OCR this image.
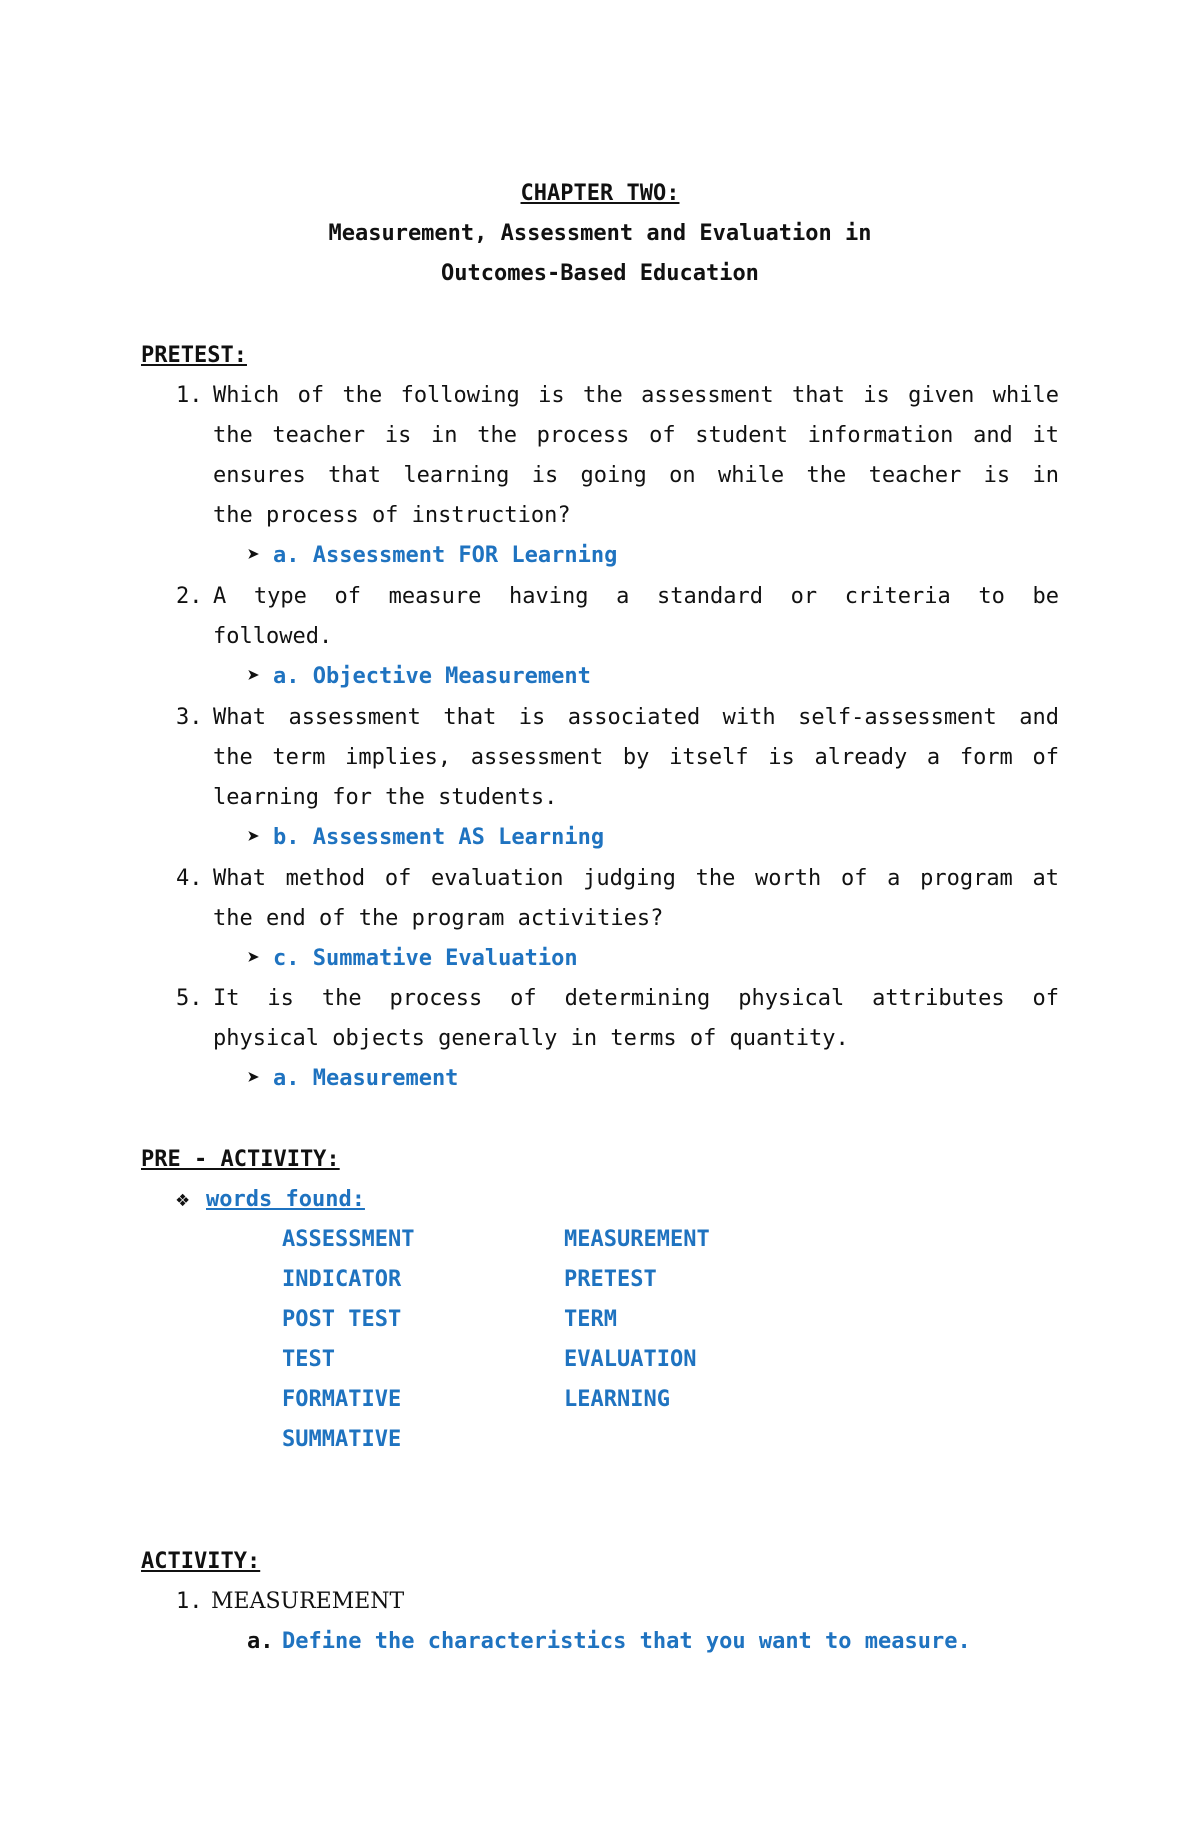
CHAPTER TWO:
Measurement, Assessment and Evaluation in
Outcomes-Based Education
PRETEST:
1. Which of the following is the assessment that is given while
the teacher is in the process of student information and it
ensures that learning is going on while the teacher is in
the process of instruction?
➤ a. Assessment FOR Learning
2. A type of measure having a standard or criteria to be
followed.
➤ a. Objective Measurement
3. What assessment that is associated with self-assessment and
the term implies, assessment by itself is already a form of
learning for the students.
➤ b. Assessment AS Learning
4. What method of evaluation judging the worth of a program at
the end of the program activities?
➤ c. Summative Evaluation
5. It is the process of determining physical attributes of
physical objects generally in terms of quantity.
➤ a. Measurement
PRE - ACTIVITY:
❖ words found:
ASSESSMENT
INDICATOR
POST TEST
TEST
FORMATIVE
SUMMATIVE
MEASUREMENT
PRETEST
TERM
EVALUATION
LEARNING
ACTIVITY:
1. MEASUREMENT
a. Define the characteristics that you want to measure.
